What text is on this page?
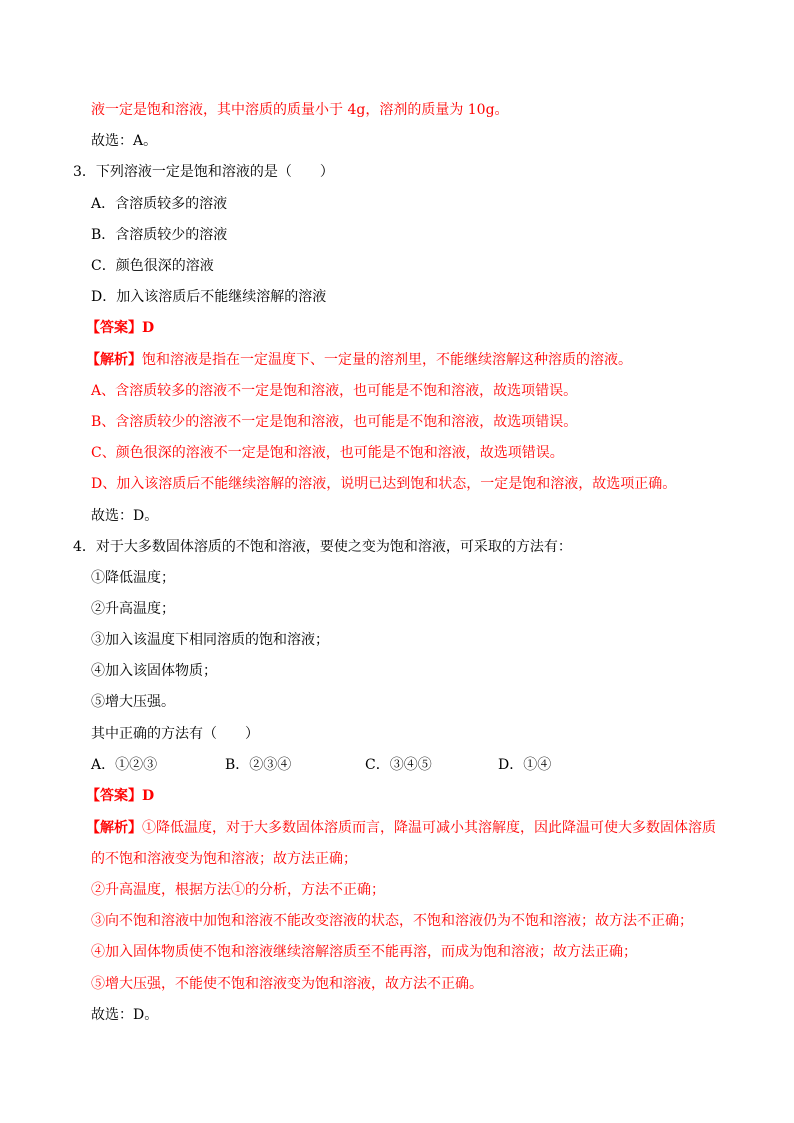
液一定是饱和溶液，其中溶质的质量小于 4g，溶剂的质量为 10g。
故选：A。
3．下列溶液一定是饱和溶液的是（　　）
A．含溶质较多的溶液
B．含溶质较少的溶液
C．颜色很深的溶液
D．加入该溶质后不能继续溶解的溶液
【答案】D
【解析】饱和溶液是指在一定温度下、一定量的溶剂里，不能继续溶解这种溶质的溶液。
A、含溶质较多的溶液不一定是饱和溶液，也可能是不饱和溶液，故选项错误。
B、含溶质较少的溶液不一定是饱和溶液，也可能是不饱和溶液，故选项错误。
C、颜色很深的溶液不一定是饱和溶液，也可能是不饱和溶液，故选项错误。
D、加入该溶质后不能继续溶解的溶液，说明已达到饱和状态，一定是饱和溶液，故选项正确。
故选：D。
4．对于大多数固体溶质的不饱和溶液，要使之变为饱和溶液，可采取的方法有：
①降低温度；
②升高温度；
③加入该温度下相同溶质的饱和溶液；
④加入该固体物质；
⑤增大压强。
其中正确的方法有（　　）
A．①②③	B．②③④	C．③④⑤	D．①④
【答案】D
【解析】①降低温度，对于大多数固体溶质而言，降温可减小其溶解度，因此降温可使大多数固体溶质
的不饱和溶液变为饱和溶液；故方法正确；
②升高温度，根据方法①的分析，方法不正确；
③向不饱和溶液中加饱和溶液不能改变溶液的状态，不饱和溶液仍为不饱和溶液；故方法不正确；
④加入固体物质使不饱和溶液继续溶解溶质至不能再溶，而成为饱和溶液；故方法正确；
⑤增大压强，不能使不饱和溶液变为饱和溶液，故方法不正确。
故选：D。
